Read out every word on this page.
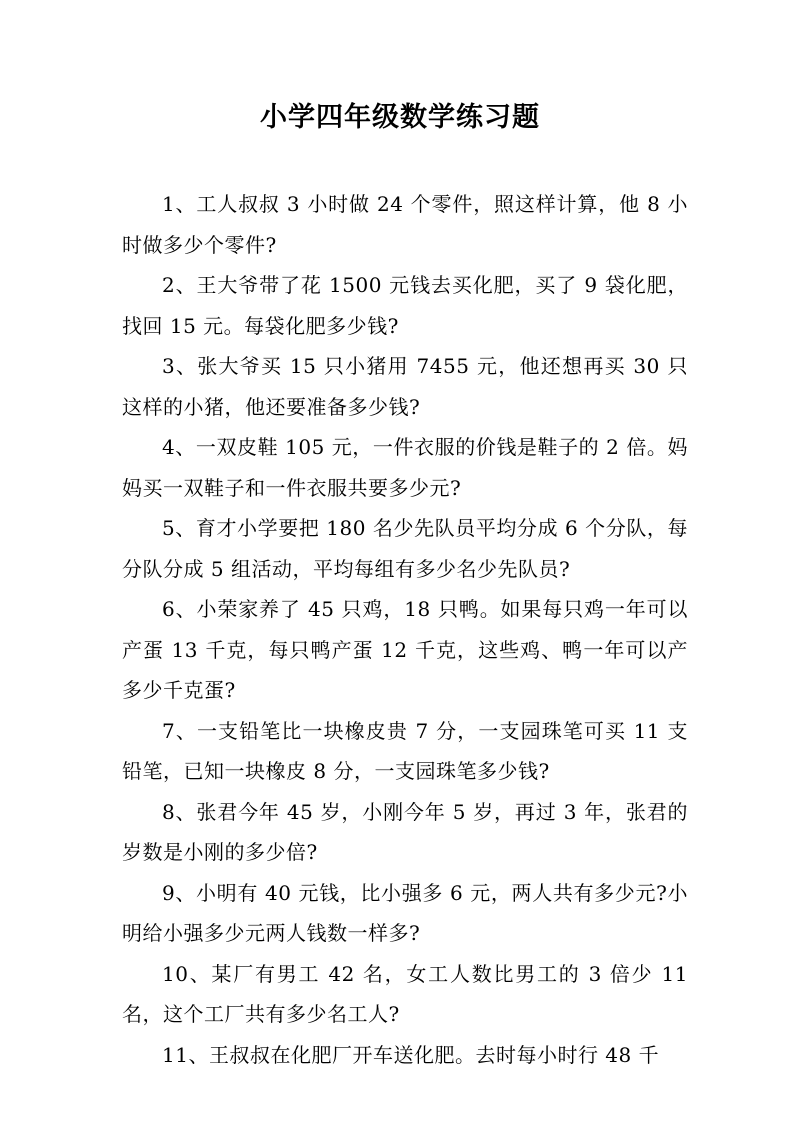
小学四年级数学练习题

1、工人叔叔 3 小时做 24 个零件，照这样计算，他 8 小时做多少个零件?

2、王大爷带了花 1500 元钱去买化肥，买了 9 袋化肥，找回 15 元。每袋化肥多少钱?

3、张大爷买 15 只小猪用 7455 元，他还想再买 30 只这样的小猪，他还要准备多少钱?

4、一双皮鞋 105 元，一件衣服的价钱是鞋子的 2 倍。妈妈买一双鞋子和一件衣服共要多少元?

5、育才小学要把 180 名少先队员平均分成 6 个分队，每分队分成 5 组活动，平均每组有多少名少先队员?

6、小荣家养了 45 只鸡，18 只鸭。如果每只鸡一年可以产蛋 13 千克，每只鸭产蛋 12 千克，这些鸡、鸭一年可以产多少千克蛋?

7、一支铅笔比一块橡皮贵 7 分，一支园珠笔可买 11 支铅笔，已知一块橡皮 8 分，一支园珠笔多少钱?

8、张君今年 45 岁，小刚今年 5 岁，再过 3 年，张君的岁数是小刚的多少倍?

9、小明有 40 元钱，比小强多 6 元，两人共有多少元?小明给小强多少元两人钱数一样多?

10、某厂有男工 42 名，女工人数比男工的 3 倍少 11 名，这个工厂共有多少名工人?

11、王叔叔在化肥厂开车送化肥。去时每小时行 48 千
